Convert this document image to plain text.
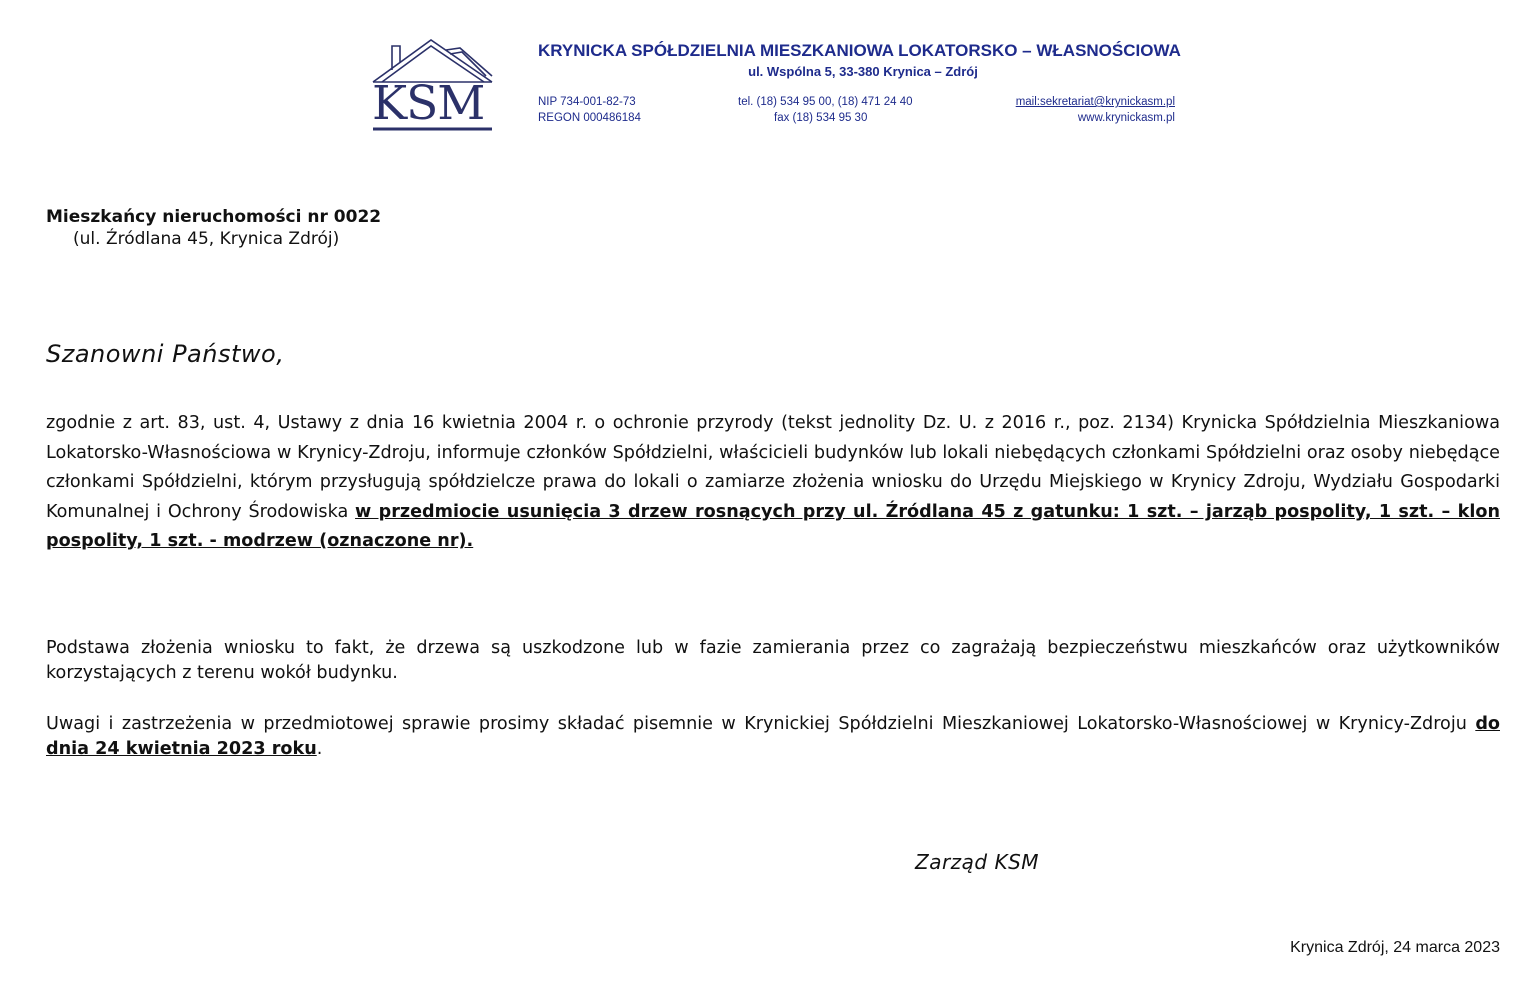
KSM
KRYNICKA SPÓŁDZIELNIA MIESZKANIOWA LOKATORSKO – WŁASNOŚCIOWA
ul. Wspólna 5, 33-380 Krynica – Zdrój
NIP 734-001-82-73
REGON 000486184
tel. (18) 534 95 00, (18) 471 24 40
fax (18) 534 95 30
mail:sekretariat@krynickasm.pl
www.krynickasm.pl
Mieszkańcy nieruchomości nr 0022
(ul. Źródlana 45, Krynica Zdrój)
Szanowni Państwo,
zgodnie z art. 83, ust. 4, Ustawy z dnia 16 kwietnia 2004 r. o ochronie przyrody (tekst jednolity Dz. U. z 2016 r., poz. 2134) Krynicka Spółdzielnia Mieszkaniowa Lokatorsko-Własnościowa w Krynicy-Zdroju, informuje członków Spółdzielni, właścicieli budynków lub lokali niebędących członkami Spółdzielni oraz osoby niebędące członkami Spółdzielni, którym przysługują spółdzielcze prawa do lokali o zamiarze złożenia wniosku do Urzędu Miejskiego w Krynicy Zdroju, Wydziału Gospodarki Komunalnej i Ochrony Środowiska w przedmiocie usunięcia 3 drzew rosnących przy ul. Źródlana 45 z gatunku: 1 szt. – jarząb pospolity, 1 szt. – klon pospolity, 1 szt. - modrzew (oznaczone nr).
Podstawa złożenia wniosku to fakt, że drzewa są uszkodzone lub w fazie zamierania przez co zagrażają bezpieczeństwu mieszkańców oraz użytkowników korzystających z terenu wokół budynku.
Uwagi i zastrzeżenia w przedmiotowej sprawie prosimy składać pisemnie w Krynickiej Spółdzielni Mieszkaniowej Lokatorsko-Własnościowej w Krynicy-Zdroju do dnia 24 kwietnia 2023 roku.
Zarząd KSM
Krynica Zdrój, 24 marca 2023
